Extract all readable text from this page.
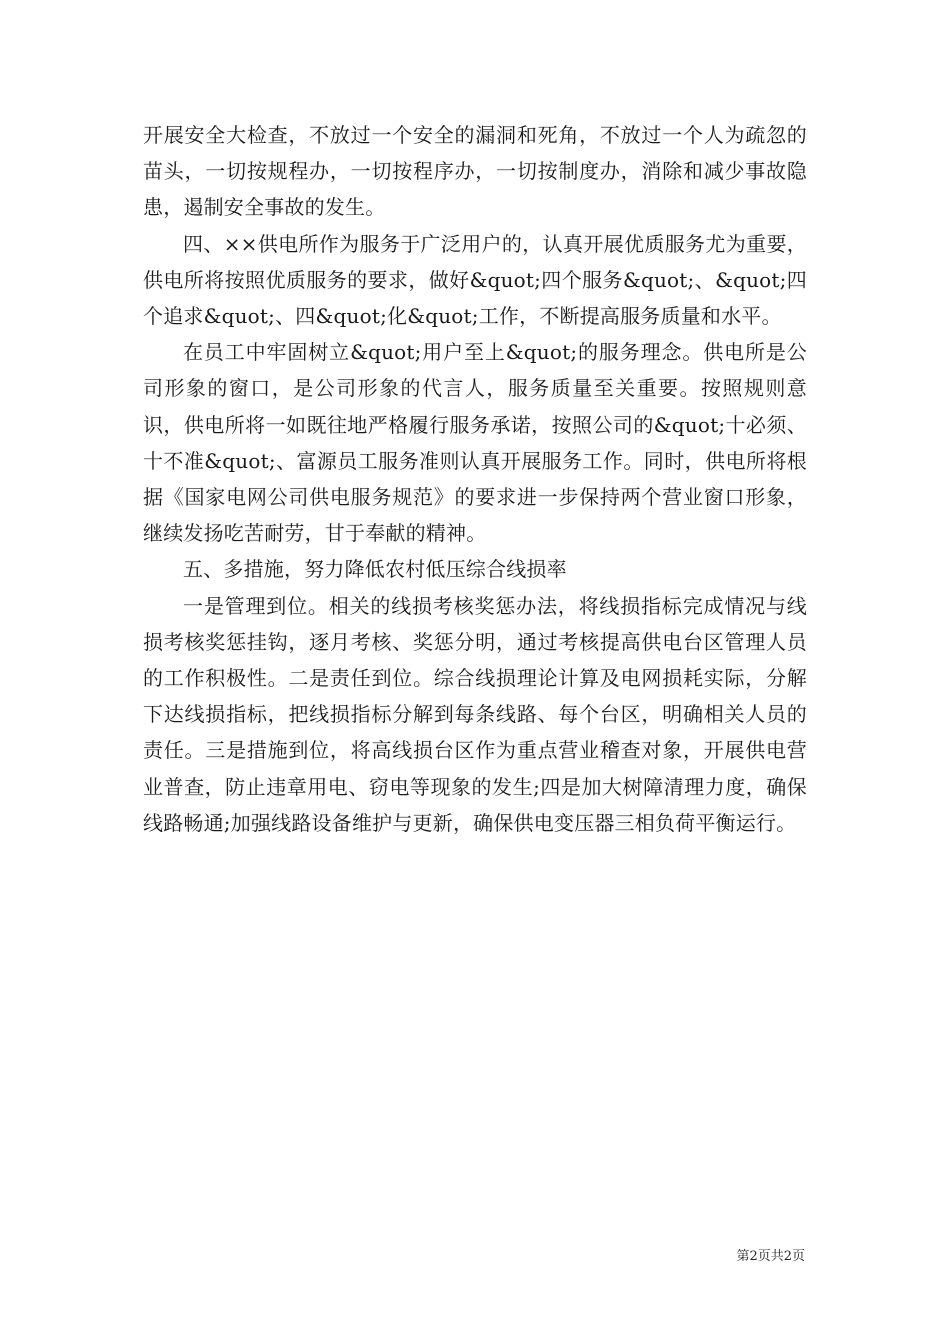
开展安全大检查，不放过一个安全的漏洞和死角，不放过一个人为疏忽的苗头，一切按规程办，一切按程序办，一切按制度办，消除和减少事故隐患，遏制安全事故的发生。

四、××供电所作为服务于广泛用户的，认真开展优质服务尤为重要，供电所将按照优质服务的要求，做好&quot;四个服务&quot;、&quot;四个追求&quot;、四&quot;化&quot;工作，不断提高服务质量和水平。

在员工中牢固树立&quot;用户至上&quot;的服务理念。供电所是公司形象的窗口，是公司形象的代言人，服务质量至关重要。按照规则意识，供电所将一如既往地严格履行服务承诺，按照公司的&quot;十必须、十不准&quot;、富源员工服务准则认真开展服务工作。同时，供电所将根据《国家电网公司供电服务规范》的要求进一步保持两个营业窗口形象，继续发扬吃苦耐劳，甘于奉献的精神。

五、多措施，努力降低农村低压综合线损率

一是管理到位。相关的线损考核奖惩办法，将线损指标完成情况与线损考核奖惩挂钩，逐月考核、奖惩分明，通过考核提高供电台区管理人员的工作积极性。二是责任到位。综合线损理论计算及电网损耗实际，分解下达线损指标，把线损指标分解到每条线路、每个台区，明确相关人员的责任。三是措施到位，将高线损台区作为重点营业稽查对象，开展供电营业普查，防止违章用电、窃电等现象的发生;四是加大树障清理力度，确保线路畅通;加强线路设备维护与更新，确保供电变压器三相负荷平衡运行。

第2页共2页
